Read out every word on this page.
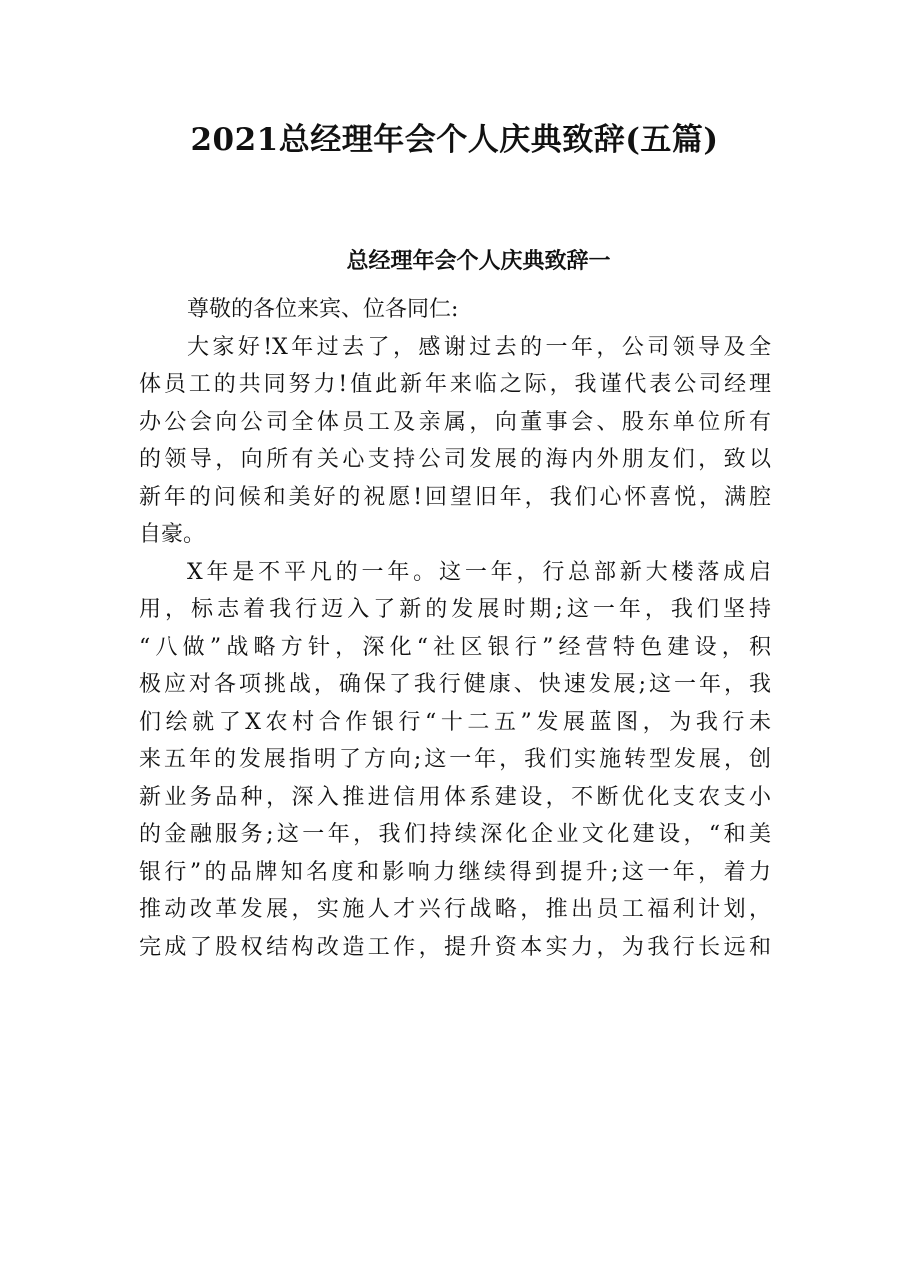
2021总经理年会个人庆典致辞(五篇)
总经理年会个人庆典致辞一
尊敬的各位来宾、位各同仁:
大家好!X年过去了，感谢过去的一年，公司领导及全
体员工的共同努力!值此新年来临之际，我谨代表公司经理
办公会向公司全体员工及亲属，向董事会、股东单位所有
的领导，向所有关心支持公司发展的海内外朋友们，致以
新年的问候和美好的祝愿!回望旧年，我们心怀喜悦，满腔
自豪。
X年是不平凡的一年。这一年，行总部新大楼落成启
用，标志着我行迈入了新的发展时期;这一年，我们坚持
“八做”战略方针，深化“社区银行”经营特色建设，积
极应对各项挑战，确保了我行健康、快速发展;这一年，我
们绘就了X农村合作银行“十二五”发展蓝图，为我行未
来五年的发展指明了方向;这一年，我们实施转型发展，创
新业务品种，深入推进信用体系建设，不断优化支农支小
的金融服务;这一年，我们持续深化企业文化建设，“和美
银行”的品牌知名度和影响力继续得到提升;这一年，着力
推动改革发展，实施人才兴行战略，推出员工福利计划，
完成了股权结构改造工作，提升资本实力，为我行长远和
